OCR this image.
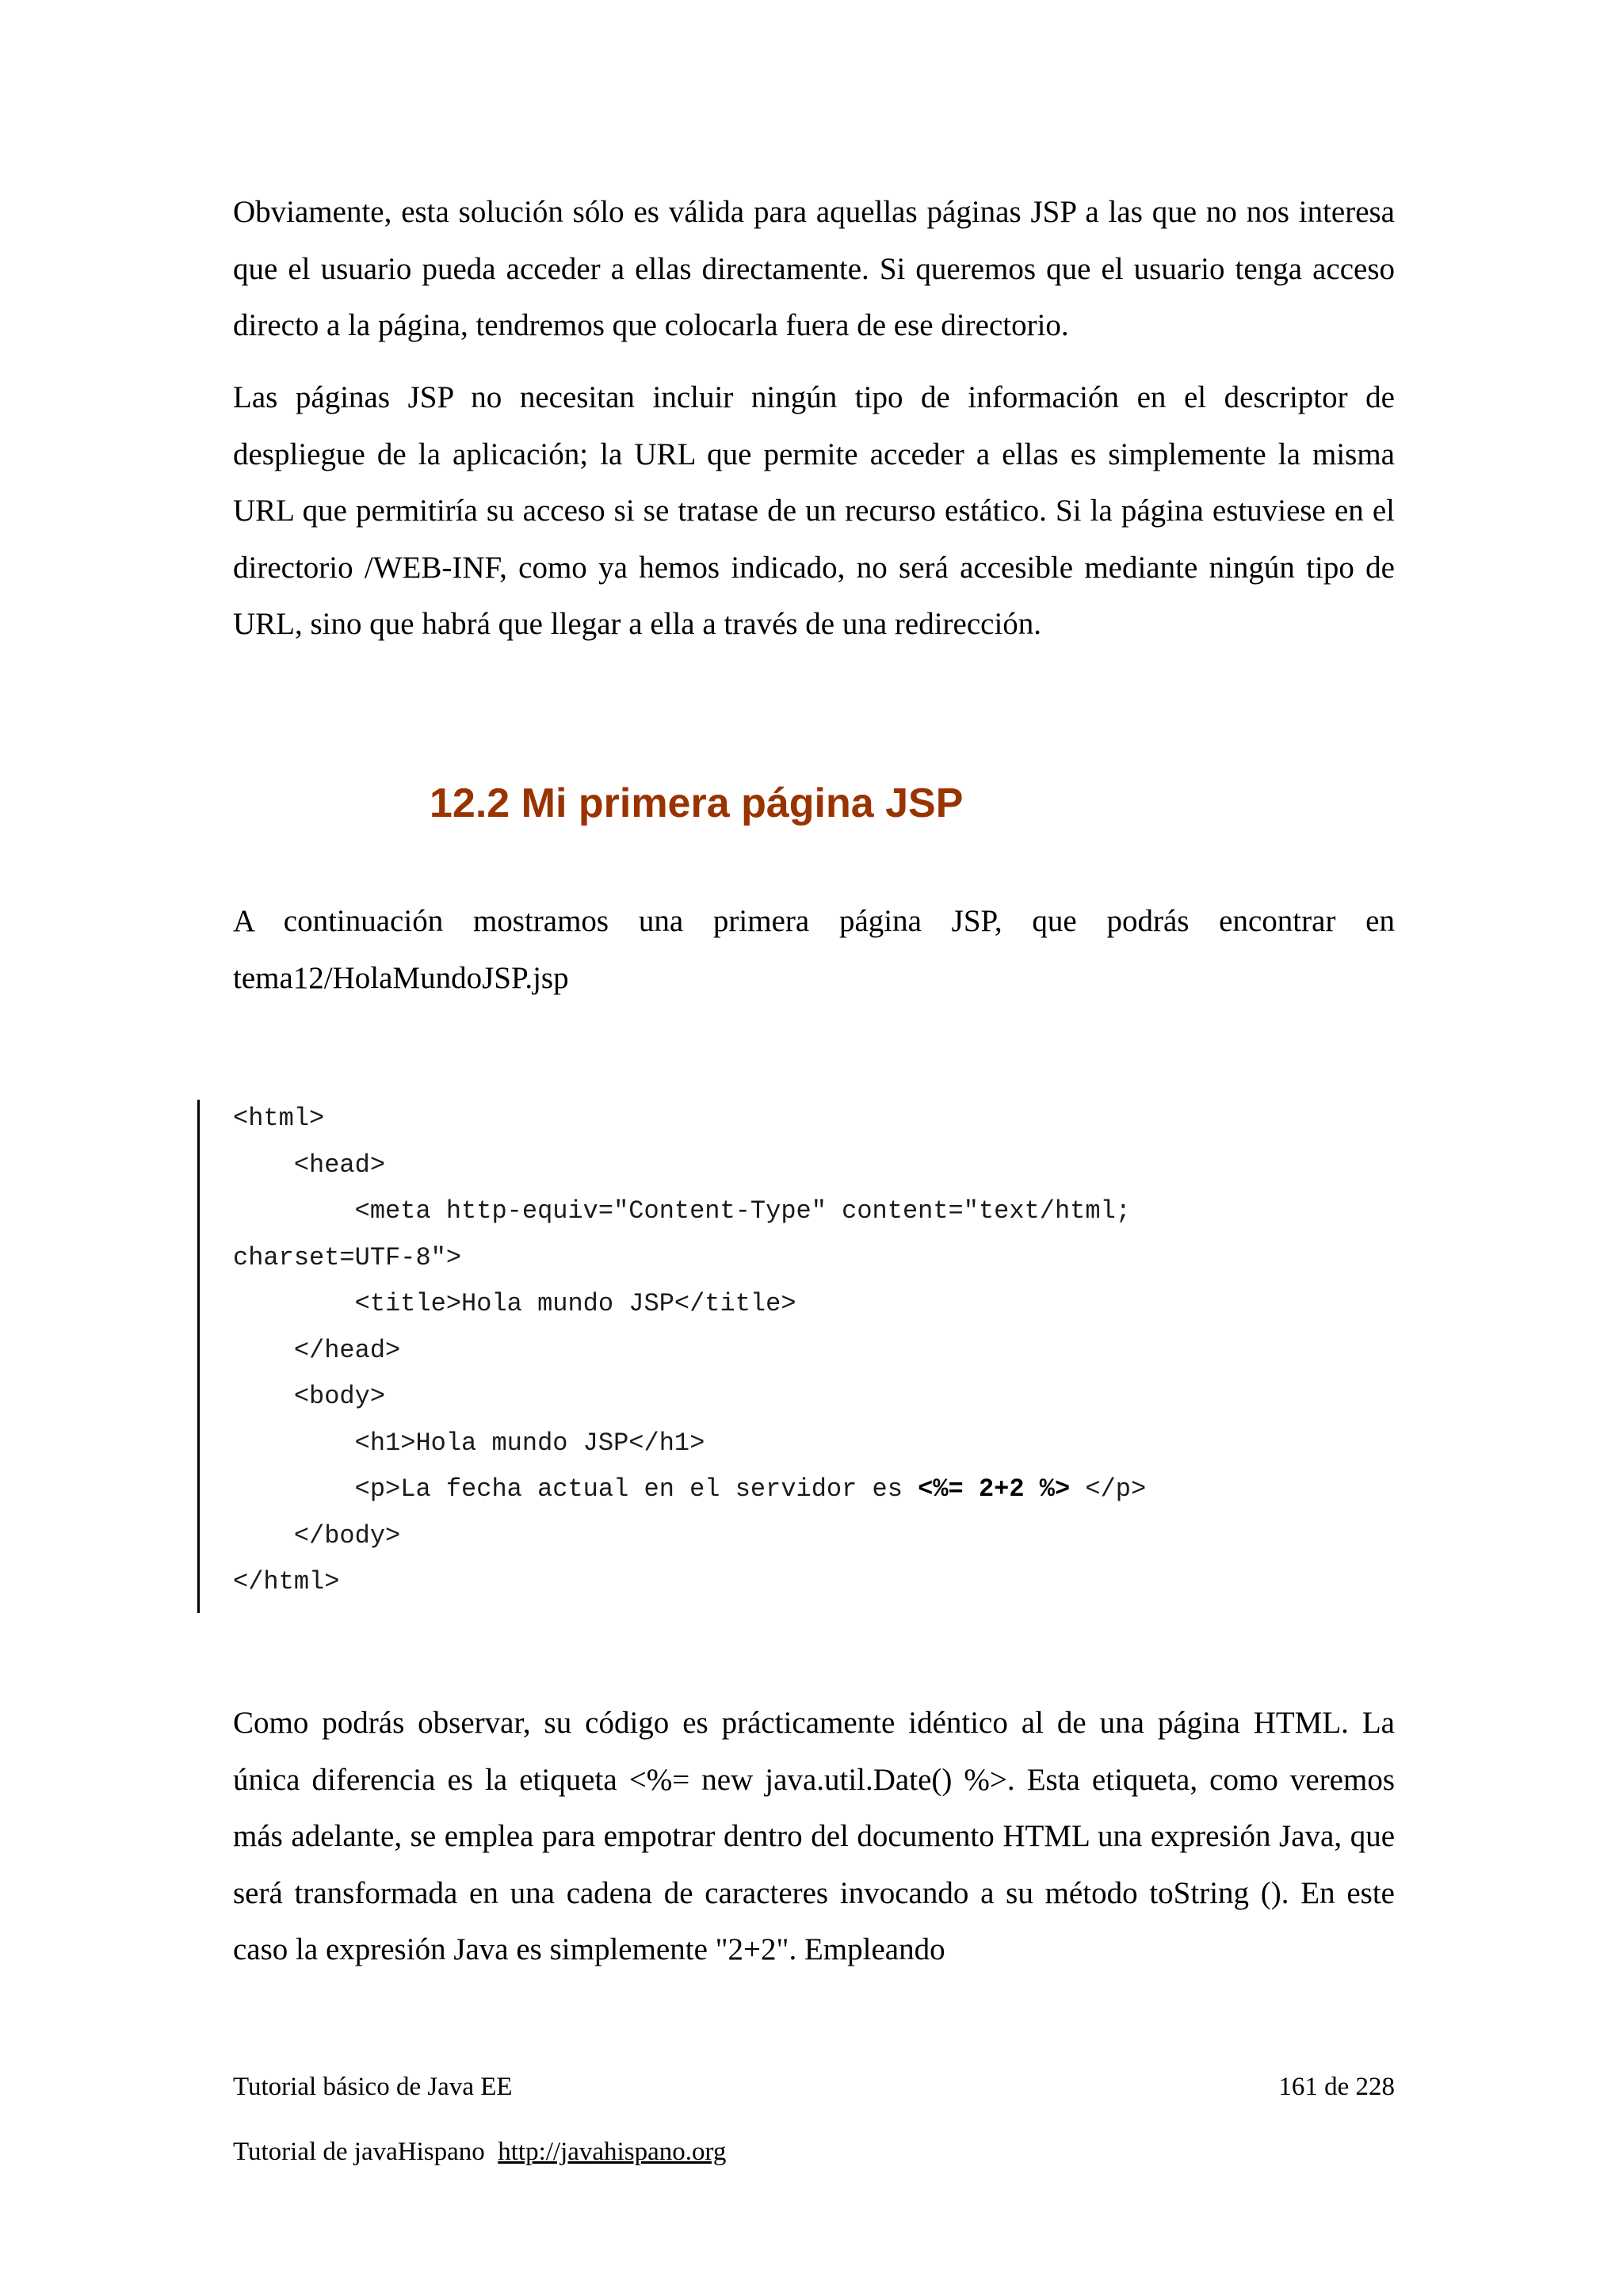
Obviamente, esta solución sólo es válida para aquellas páginas JSP a las que no nos interesa que el usuario pueda acceder a ellas directamente. Si queremos que el usuario tenga acceso directo a la página, tendremos que colocarla fuera de ese directorio.
Las páginas JSP no necesitan incluir ningún tipo de información en el descriptor de despliegue de la aplicación; la URL que permite acceder a ellas es simplemente la misma URL que permitiría su acceso si se tratase de un recurso estático. Si la página estuviese en el directorio /WEB-INF, como ya hemos indicado, no será accesible mediante ningún tipo de URL, sino que habrá que llegar a ella a través de una redirección.
12.2 Mi primera página JSP
A continuación mostramos una primera página JSP, que podrás encontrar en tema12/HolaMundoJSP.jsp
<html>
<head>
<meta http-equiv="Content-Type" content="text/html;
charset=UTF-8">
<title>Hola mundo JSP</title>
</head>
<body>
<h1>Hola mundo JSP</h1>
<p>La fecha actual en el servidor es <%= 2+2 %> </p>
</body>
</html>
Como podrás observar, su código es prácticamente idéntico al de una página HTML. La única diferencia es la etiqueta <%= new java.util.Date() %>. Esta etiqueta, como veremos más adelante, se emplea para empotrar dentro del documento HTML una expresión Java, que será transformada en una cadena de caracteres invocando a su método toString (). En este caso la expresión Java es simplemente "2+2". Empleando
Tutorial básico de Java EE	161 de 228
Tutorial de javaHispano  http://javahispano.org
